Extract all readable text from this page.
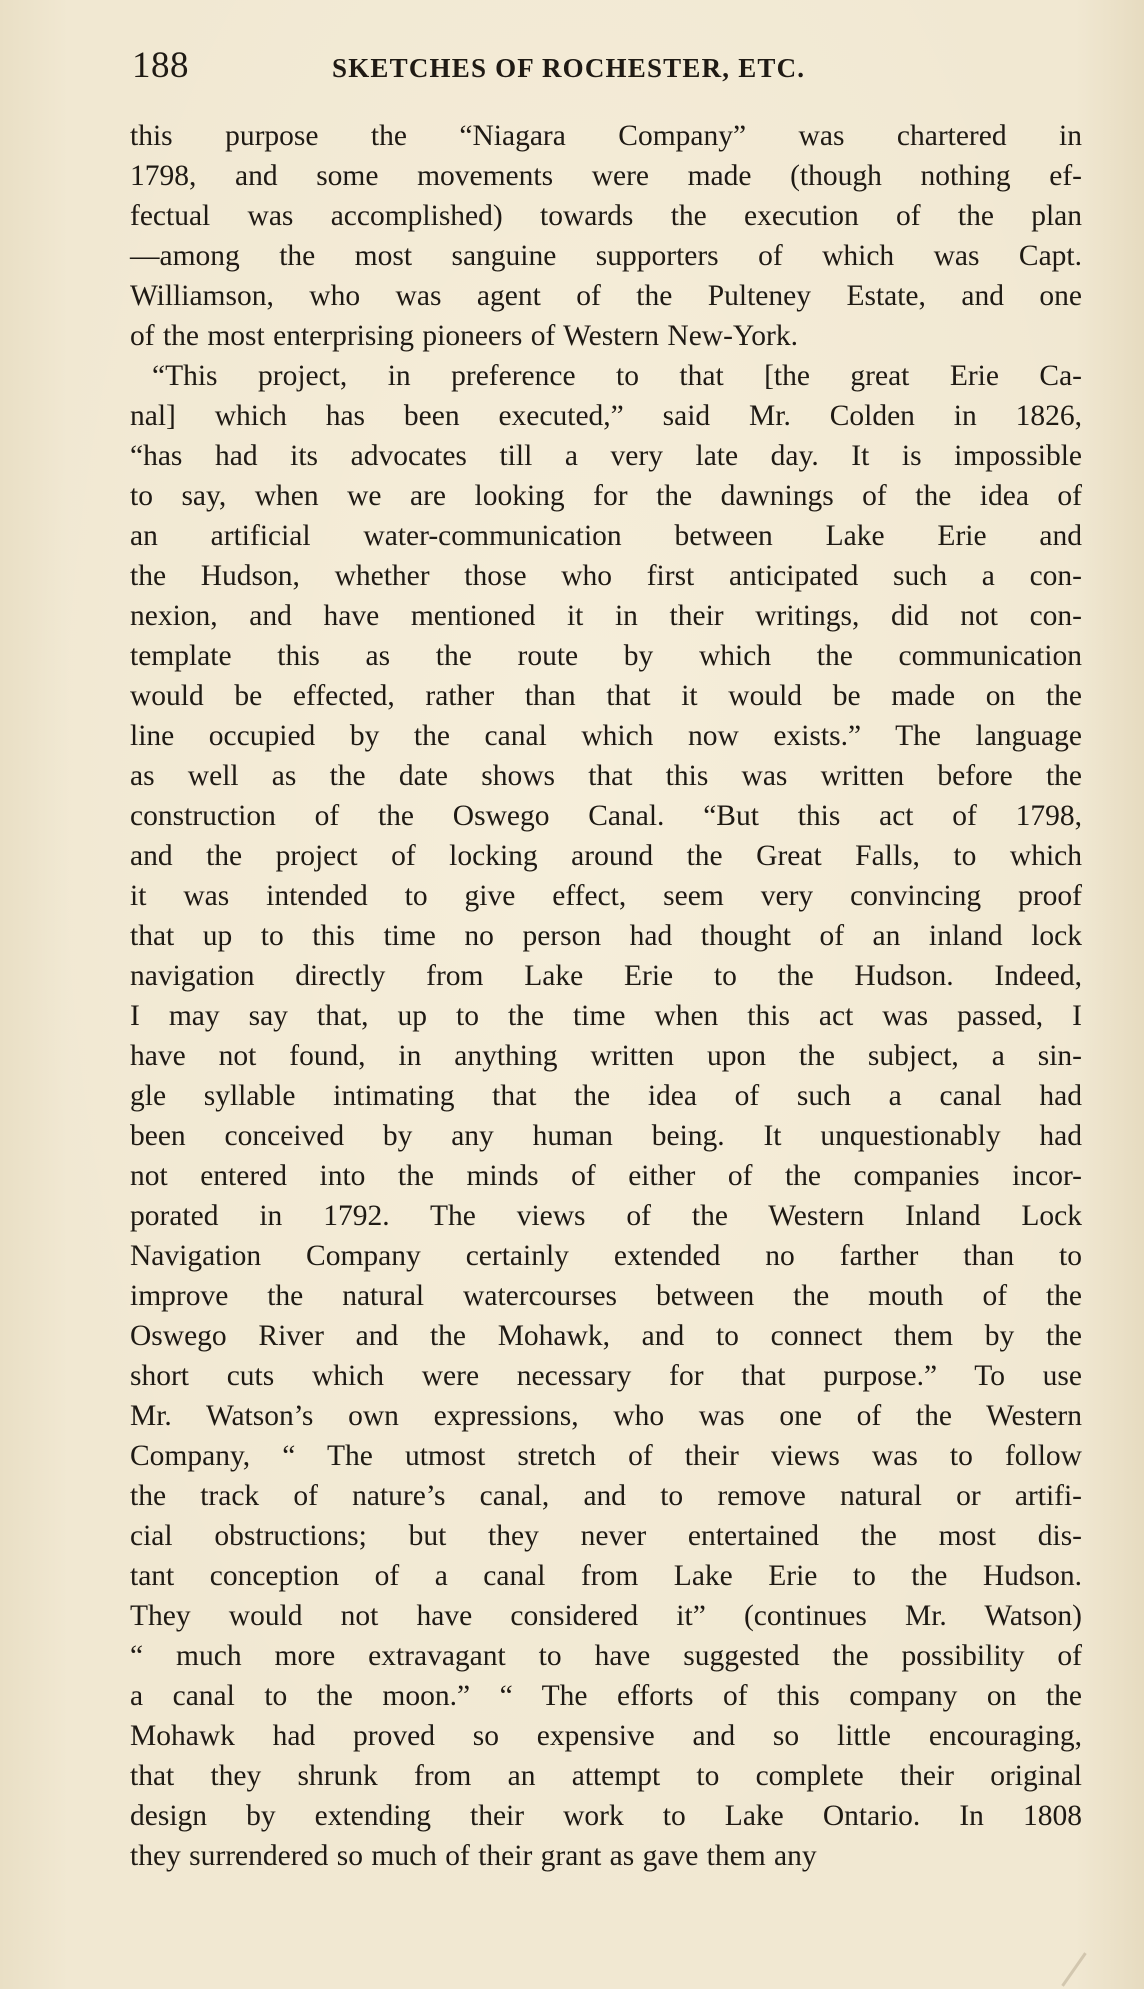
188	SKETCHES OF ROCHESTER, ETC.
this purpose the “Niagara Company” was chartered in
1798, and some movements were made (though nothing ef-
fectual was accomplished) towards the execution of the plan
—among the most sanguine supporters of which was Capt.
Williamson, who was agent of the Pulteney Estate, and one
of the most enterprising pioneers of Western New-York.
“This project, in preference to that [the great Erie Ca-
nal] which has been executed,” said Mr. Colden in 1826,
“has had its advocates till a very late day. It is impossible
to say, when we are looking for the dawnings of the idea of
an artificial water-communication between Lake Erie and
the Hudson, whether those who first anticipated such a con-
nexion, and have mentioned it in their writings, did not con-
template this as the route by which the communication
would be effected, rather than that it would be made on the
line occupied by the canal which now exists.” The language
as well as the date shows that this was written before the
construction of the Oswego Canal. “But this act of 1798,
and the project of locking around the Great Falls, to which
it was intended to give effect, seem very convincing proof
that up to this time no person had thought of an inland lock
navigation directly from Lake Erie to the Hudson. Indeed,
I may say that, up to the time when this act was passed, I
have not found, in anything written upon the subject, a sin-
gle syllable intimating that the idea of such a canal had
been conceived by any human being. It unquestionably had
not entered into the minds of either of the companies incor-
porated in 1792. The views of the Western Inland Lock
Navigation Company certainly extended no farther than to
improve the natural watercourses between the mouth of the
Oswego River and the Mohawk, and to connect them by the
short cuts which were necessary for that purpose.” To use
Mr. Watson’s own expressions, who was one of the Western
Company, “ The utmost stretch of their views was to follow
the track of nature’s canal, and to remove natural or artifi-
cial obstructions; but they never entertained the most dis-
tant conception of a canal from Lake Erie to the Hudson.
They would not have considered it” (continues Mr. Watson)
“ much more extravagant to have suggested the possibility of
a canal to the moon.” “ The efforts of this company on the
Mohawk had proved so expensive and so little encouraging,
that they shrunk from an attempt to complete their original
design by extending their work to Lake Ontario. In 1808
they surrendered so much of their grant as gave them any
